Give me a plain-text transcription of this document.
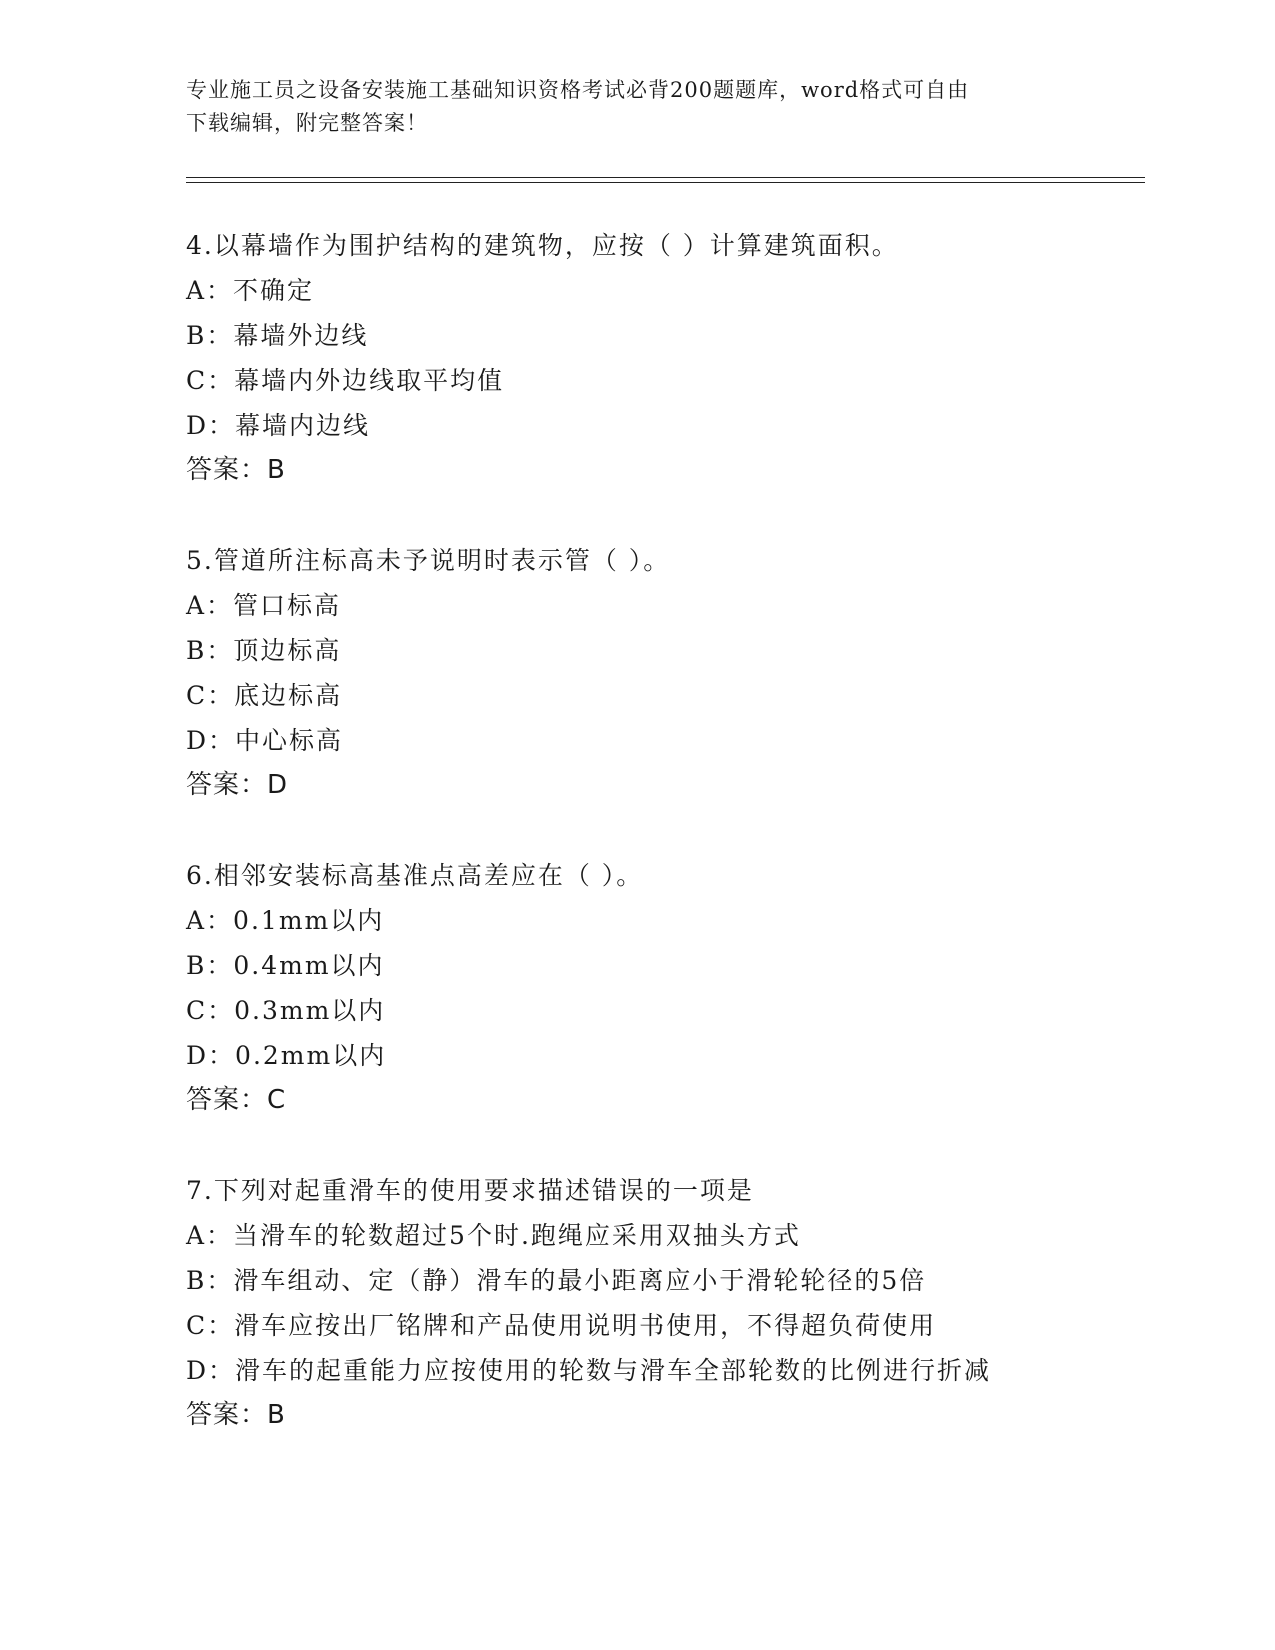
专业施工员之设备安装施工基础知识资格考试必背200题题库，word格式可自由
下载编辑，附完整答案！
4.以幕墙作为围护结构的建筑物，应按（ ）计算建筑面积。
A：不确定
B：幕墙外边线
C：幕墙内外边线取平均值
D：幕墙内边线
答案：B
5.管道所注标高未予说明时表示管（ ）。
A：管口标高
B：顶边标高
C：底边标高
D：中心标高
答案：D
6.相邻安装标高基准点高差应在（ ）。
A：0.1mm以内
B：0.4mm以内
C：0.3mm以内
D：0.2mm以内
答案：C
7.下列对起重滑车的使用要求描述错误的一项是
A：当滑车的轮数超过5个时.跑绳应采用双抽头方式
B：滑车组动、定（静）滑车的最小距离应小于滑轮轮径的5倍
C：滑车应按出厂铭牌和产品使用说明书使用，不得超负荷使用
D：滑车的起重能力应按使用的轮数与滑车全部轮数的比例进行折减
答案：B
